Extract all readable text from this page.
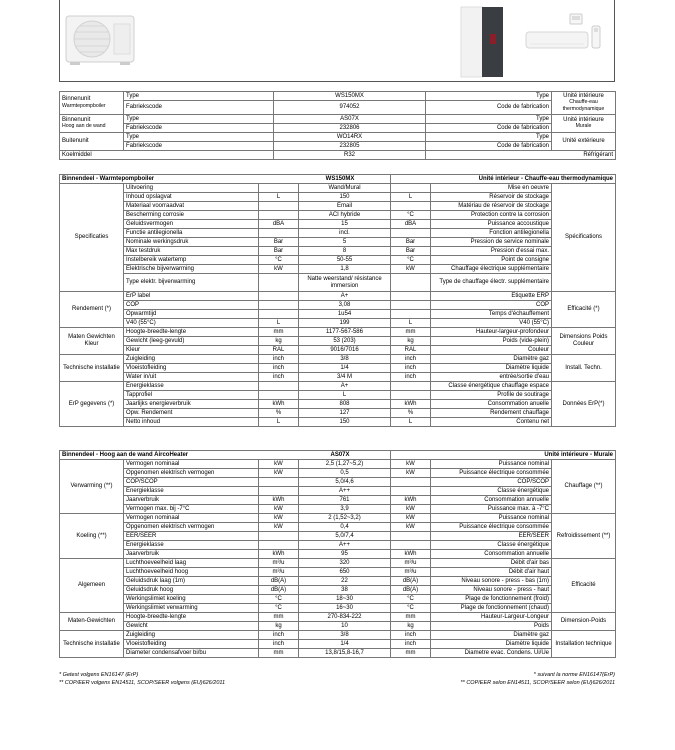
Binnenunit
Warmtepompboiler	Type	WS150MX	Type	Unité intérieure
Chauffe-eau thermodynamique
	Fabriekscode	974052	Code de fabrication	
Binnenunit
Hoog aan de wand	Type	AS07X	Type	Unité intérieure
Murale
	Fabriekscode	232806	Code de fabrication	
Buitenunit	Type	WO14RX	Type	Unité extérieure
	Fabriekscode	232805	Code de fabrication	
Koelmiddel		R32	Réfrigérant	
Binnendeel - Warmtepompboiler				Unité intérieur - Chauffe-eau thermodynamique		
Specificaties	Uitvoering		Wand/Mural		Mise en oeuvre	Spécifications
	Inhoud opslagvat	L	150	L	Réservoir de stockage	
	Materiaal voorraadvat		Email		Matériau de réservoir de stockage	
	Bescherming corrosie		ACI hybride	°C	Protection contre la corrosion	
	Geluidsvermogen	dBA	15	dBA	Puissance accoustique	
	Functie antilegionella		incl.		Fonction antilegionella	
	Nominale werkingsdruk	Bar	5	Bar	Pression de service nominale	
	Max testdruk	Bar	8	Bar	Pression d'essai max.	
	Instelbereik watertemp	°C	50-55	°C	Point de consigne	
	Elektrische bijverwarming	kW	1,8	kW	Chauffage électrique supplémentaire	
	Type elektr. bijverwarming		Natte weerstand/ résistance immersion		Type de chauffage électr. supplémentaire	
Rendement (*)	ErP label		A+		Etiquette ERP	Efficacité (*)
	COP		3,08		COP	
	Opwarmtijd		1u54		Temps d'échauffement	
	V40 (55°C)	L	199	L	V40 (55°C)	
Maten Gewichten Kleur	Hoogte-breedte-lengte	mm	1177-567-586	mm	Hauteur-largeur-profondeur	Dimensions Poids Couleur
	Gewicht (leeg-gevuld)	kg	53 (203)	kg	Poids (vide-plein)	
	Kleur	RAL	9016/7016	RAL	Couleur	
Technische installatie	Zuigleiding	inch	3/8	inch	Diamètre gaz	Install. Techn.
	Vloeistofleiding	inch	1/4	inch	Diamètre liquide	
	Water in/uit	inch	3/4 M	inch	entrée/sortie d'eau	
ErP gegevens (*)	Energieklasse		A+		Classe énergétique chauffage espace	Données ErP(*)
	Tapprofiel		L		Profile de soutirage	
	Jaarlijks energieverbruik	kWh	808	kWh	Consommation anuelle	
	Opw. Rendement	%	127	%	Rendement chauffage	
	Netto inhoud	L	150	L	Contenu net	
WS150MX
Binnendeel - Hoog aan de wand AircoHeater				Unité intérieure - Murale		
Verwarming (**)	Vermogen nominaal	kW	2,5 (1,27~5,2)	kW	Puissance nominal	Chauffage (**)
	Opgenomen elektrisch vermogen	kW	0,5	kW	Puissance électrique consommée	
	COP/SCOP		5,0/4,6		COP/SCOP	
	Energieklasse		A++		Classe énergétique	
	Jaarverbruik	kWh	761	kWh	Consommation annuelle	
	Vermogen max. bij -7°C	kW	3,9	kW	Puissance max. à -7°C	
Koeling (**)	Vermogen nominaal	kW	2 (1,52~3,2)	kW	Puissance nominal	Refroidissement (**)
	Opgenomen elektrisch vermogen	kW	0,4	kW	Puissance électrique consommée	
	EER/SEER		5,0/7,4		EER/SEER	
	Energieklasse		A++		Classe énergétique	
	Jaarverbruik	kWh	95	kWh	Consommation annuelle	
Algemeen	Luchthoeveelheid laag	m³/u	320	m³/u	Débit d'air bas	Efficacité
	Luchthoeveelheid hoog	m³/u	650	m³/u	Débit d'air haut	
	Geluidsdruk laag (1m)	dB(A)	22	dB(A)	Niveau sonore - press - bas (1m)	
	Geluidsdruk hoog	dB(A)	38	dB(A)	Niveau sonore - press - haut	
	Werkingslimiet koeling	°C	18~30	°C	Plage de fonctionnement (froid)	
	Werkingslimiet verwarming	°C	16~30	°C	Plage de fonctionnement (chaud)	
Maten-Gewichten	Hoogte-breedte-lengte	mm	270-834-222	mm	Hauteur-Largeur-Longeur	Dimension-Poids
	Gewicht	kg	10	kg	Poids	
Technische installatie	Zuigleiding	inch	3/8	inch	Diamètre gaz	Installation technique
	Vloeistofleiding	inch	1/4	inch	Diamètre liquide	
	Diameter condensafvoer bi/bu	mm	13,8/15,8-16,7	mm	Diametre evac. Condens. Ui/Ue	
AS07X
* Getest volgens EN16147 (ErP)
** COP/EER volgens EN14511, SCOP/SEER volgens (EU)626/2011
* suivant la norme EN16147(ErP)
** COP/EER selon EN14511, SCOP/SEER selon (EU)626/2011
